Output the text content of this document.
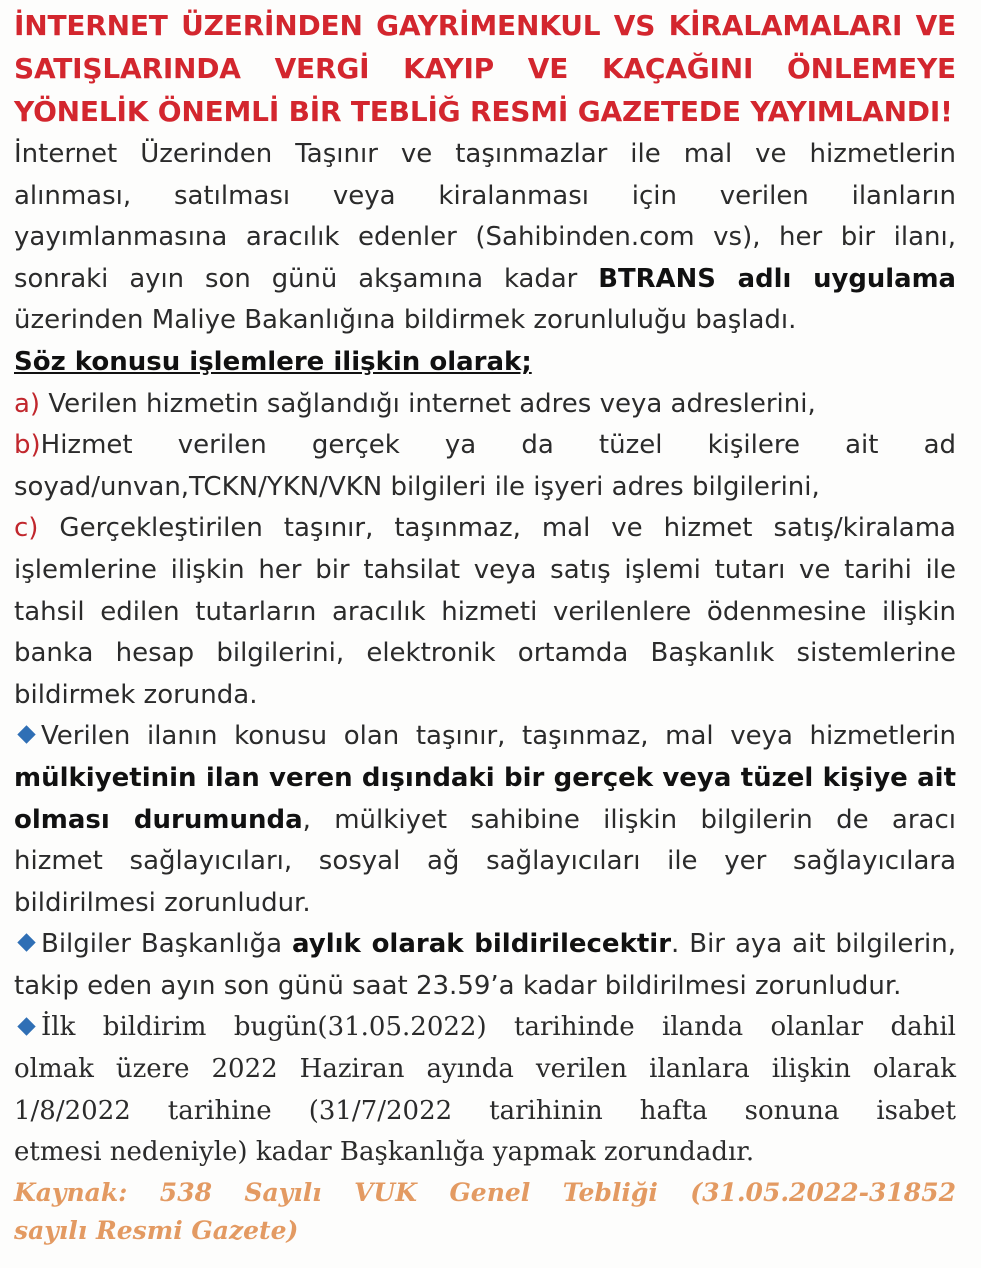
İNTERNET ÜZERİNDEN GAYRİMENKUL VS KİRALAMALARI VE
SATIŞLARINDA VERGİ KAYIP VE KAÇAĞINI ÖNLEMEYE
YÖNELİK ÖNEMLİ BİR TEBLİĞ RESMİ GAZETEDE YAYIMLANDI!
İnternet Üzerinden Taşınır ve taşınmazlar ile mal ve hizmetlerin
alınması, satılması veya kiralanması için verilen ilanların
yayımlanmasına aracılık edenler (Sahibinden.com vs), her bir ilanı,
sonraki ayın son günü akşamına kadar BTRANS adlı uygulama
üzerinden Maliye Bakanlığına bildirmek zorunluluğu başladı.
Söz konusu işlemlere ilişkin olarak;
a) Verilen hizmetin sağlandığı internet adres veya adreslerini,
b)Hizmet verilen gerçek ya da tüzel kişilere ait ad
soyad/unvan,TCKN/YKN/VKN bilgileri ile işyeri adres bilgilerini,
c) Gerçekleştirilen taşınır, taşınmaz, mal ve hizmet satış/kiralama
işlemlerine ilişkin her bir tahsilat veya satış işlemi tutarı ve tarihi ile
tahsil edilen tutarların aracılık hizmeti verilenlere ödenmesine ilişkin
banka hesap bilgilerini, elektronik ortamda Başkanlık sistemlerine
bildirmek zorunda.
Verilen ilanın konusu olan taşınır, taşınmaz, mal veya hizmetlerin
mülkiyetinin ilan veren dışındaki bir gerçek veya tüzel kişiye ait
olması durumunda, mülkiyet sahibine ilişkin bilgilerin de aracı
hizmet sağlayıcıları, sosyal ağ sağlayıcıları ile yer sağlayıcılara
bildirilmesi zorunludur.
Bilgiler Başkanlığa aylık olarak bildirilecektir. Bir aya ait bilgilerin,
takip eden ayın son günü saat 23.59’a kadar bildirilmesi zorunludur.
İlk bildirim bugün(31.05.2022) tarihinde ilanda olanlar dahil
olmak üzere 2022 Haziran ayında verilen ilanlara ilişkin olarak
1/8/2022 tarihine (31/7/2022 tarihinin hafta sonuna isabet
etmesi nedeniyle) kadar Başkanlığa yapmak zorundadır.
Kaynak: 538 Sayılı VUK Genel Tebliği (31.05.2022-31852
sayılı Resmi Gazete)
